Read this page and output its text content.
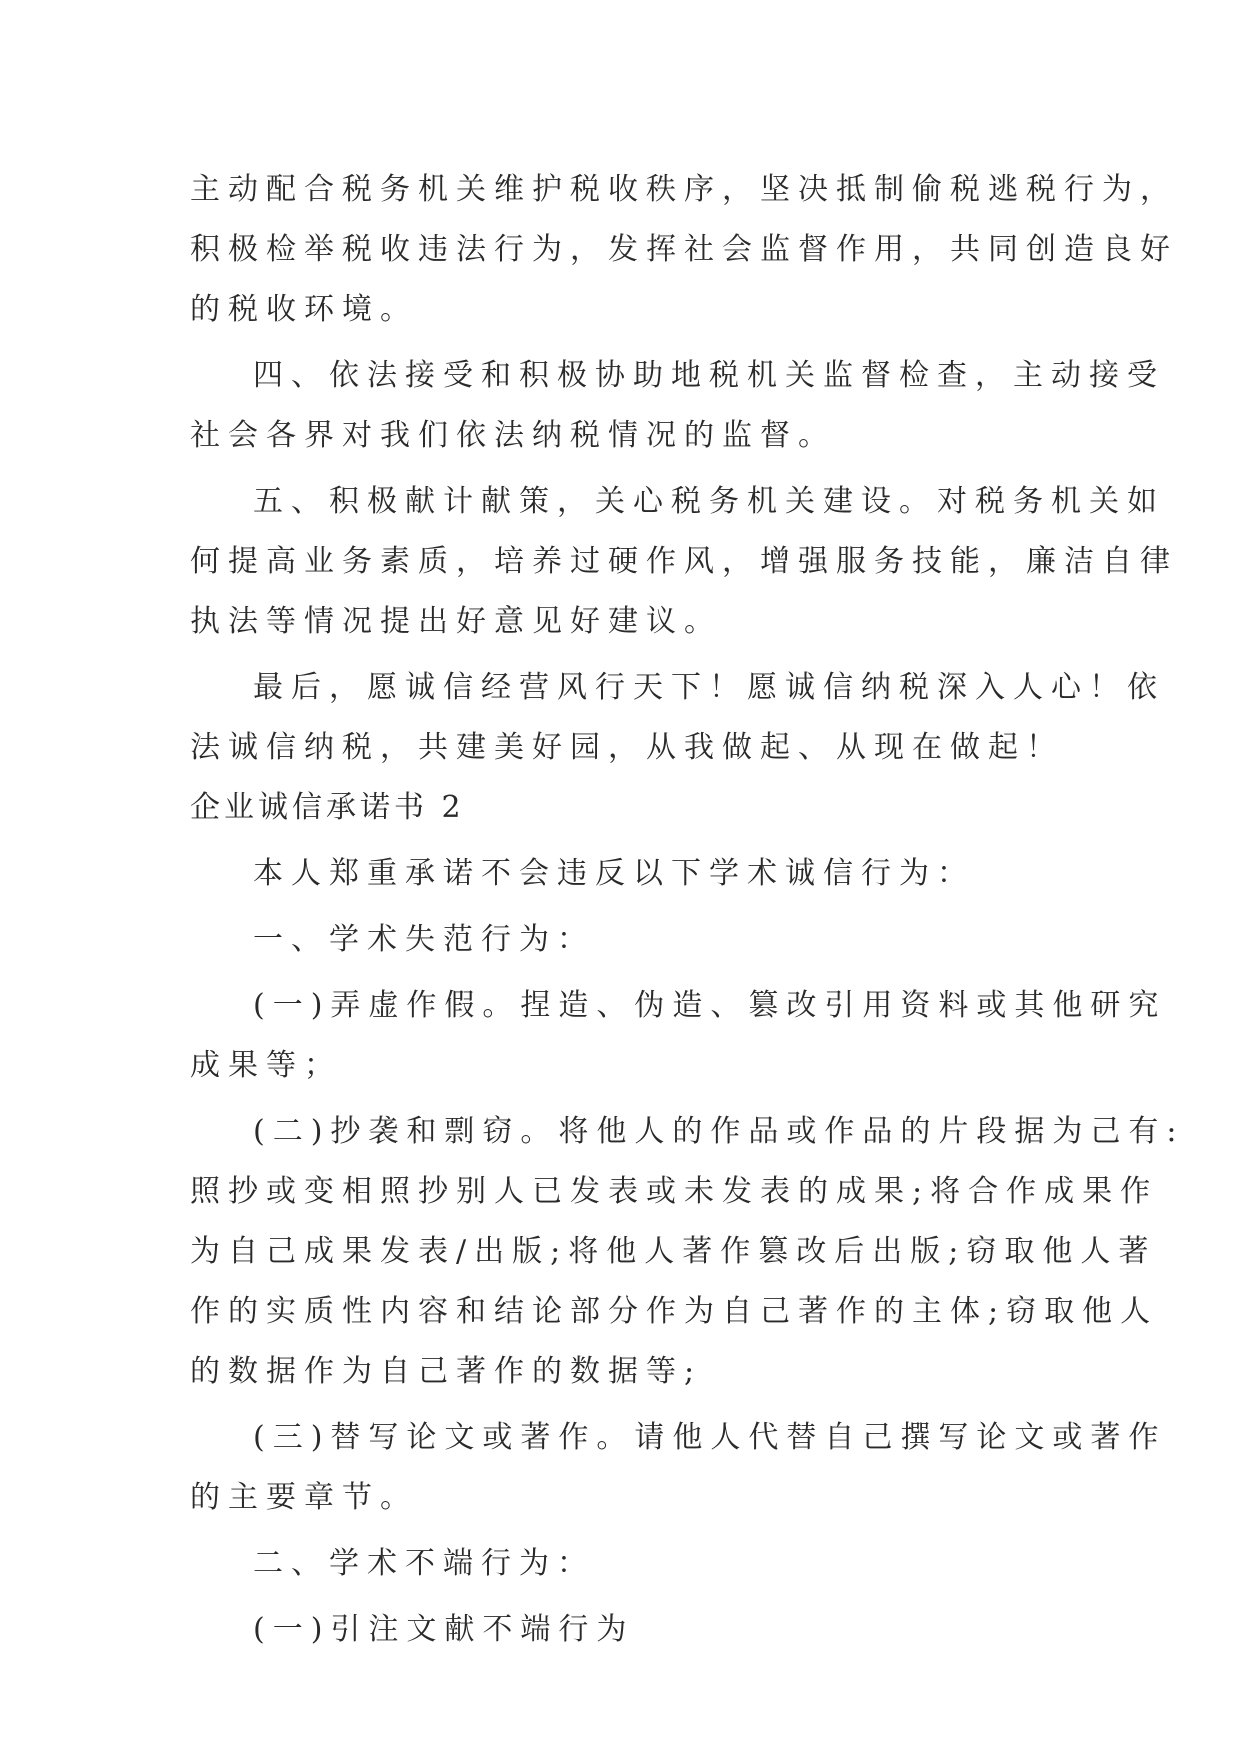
主动配合税务机关维护税收秩序，坚决抵制偷税逃税行为，

积极检举税收违法行为，发挥社会监督作用，共同创造良好

的税收环境。

四、依法接受和积极协助地税机关监督检查，主动接受

社会各界对我们依法纳税情况的监督。

五、积极献计献策，关心税务机关建设。对税务机关如

何提高业务素质，培养过硬作风，增强服务技能，廉洁自律

执法等情况提出好意见好建议。

最后，愿诚信经营风行天下！愿诚信纳税深入人心！依

法诚信纳税，共建美好园，从我做起、从现在做起！

企业诚信承诺书 2

本人郑重承诺不会违反以下学术诚信行为：

一、学术失范行为：

(一)弄虚作假。捏造、伪造、篡改引用资料或其他研究

成果等；

(二)抄袭和剽窃。将他人的作品或作品的片段据为己有:

照抄或变相照抄别人已发表或未发表的成果;将合作成果作

为自己成果发表/出版;将他人著作篡改后出版;窃取他人著

作的实质性内容和结论部分作为自己著作的主体;窃取他人

的数据作为自己著作的数据等;

(三)替写论文或著作。请他人代替自己撰写论文或著作

的主要章节。

二、学术不端行为：

(一)引注文献不端行为
